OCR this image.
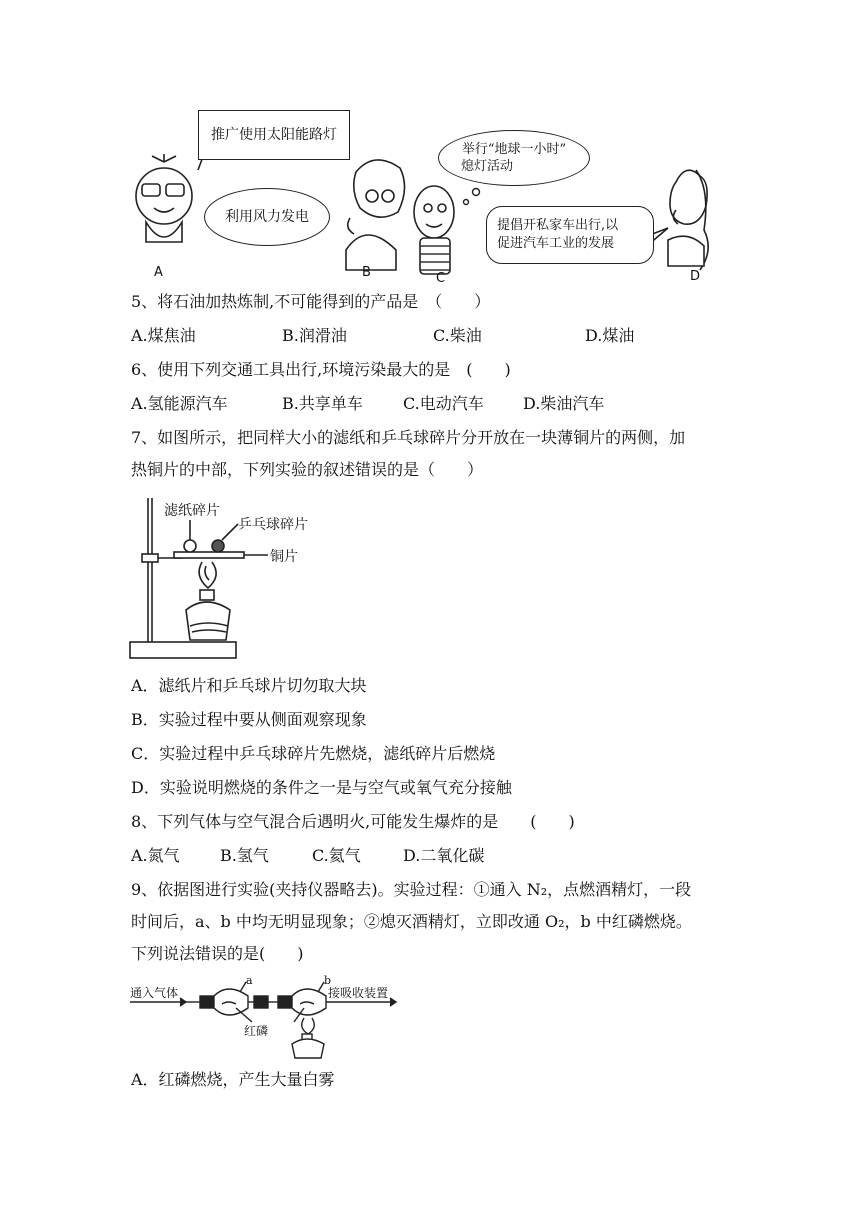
A	B	C	D
推广使用太阳能路灯
利用风力发电
举行“地球一小时”
熄灯活动
提倡开私家车出行,以
促进汽车工业的发展
5、将石油加热炼制,不可能得到的产品是　（　　）
A.煤焦油	B.润滑油	C.柴油	D.煤油
6、使用下列交通工具出行,环境污染最大的是　(　　)
A.氢能源汽车	B.共享单车	C.电动汽车 D.柴油汽车
7、如图所示，把同样大小的滤纸和乒乓球碎片分开放在一块薄铜片的两侧，加
热铜片的中部，下列实验的叙述错误的是（　　）
滤纸碎片
乒乓球碎片
铜片
A．滤纸片和乒乓球片切勿取大块
B．实验过程中要从侧面观察现象
C．实验过程中乒乓球碎片先燃烧，滤纸碎片后燃烧
D．实验说明燃烧的条件之一是与空气或氧气充分接触
8、下列气体与空气混合后遇明火,可能发生爆炸的是　　(　　)
A.氮气	B.氢气	C.氦气	D.二氧化碳
9、依据图进行实验(夹持仪器略去)。实验过程：①通入 N₂，点燃酒精灯，一段
时间后，a、b 中均无明显现象；②熄灭酒精灯，立即改通 O₂，b 中红磷燃烧。
下列说法错误的是(　　)
通入气体
a	b
接吸收装置
红磷
A．红磷燃烧，产生大量白雾
